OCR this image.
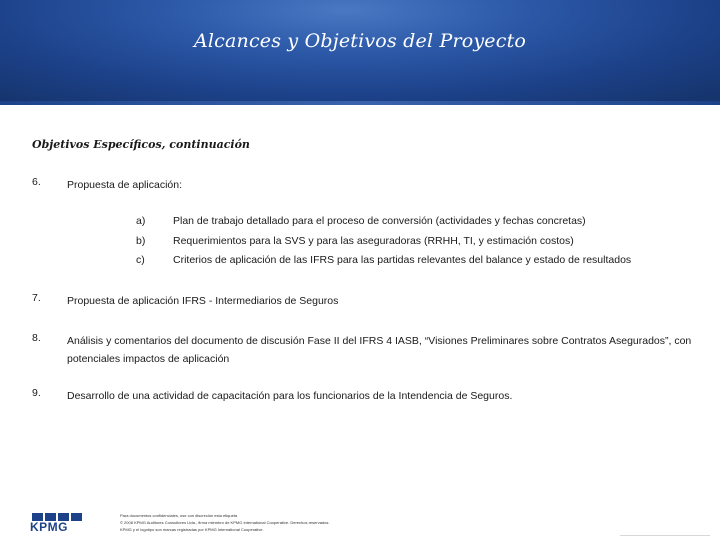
Alcances y Objetivos del Proyecto
Objetivos Específicos, continuación
6. Propuesta de aplicación:
a)	Plan de trabajo detallado para el proceso de conversión (actividades y fechas concretas)
b)	Requerimientos para la SVS y para las aseguradoras (RRHH, TI, y estimación costos)
c)	Criterios de aplicación de las IFRS para las partidas relevantes del balance y estado de resultados
7. Propuesta de aplicación IFRS - Intermediarios de Seguros
8. Análisis y comentarios del documento de discusión Fase II del IFRS 4 IASB, “Visiones Preliminares sobre Contratos Asegurados”, con potenciales impactos de aplicación
9. Desarrollo de una actividad de capacitación para los funcionarios de la Intendencia de Seguros.
KPMG
Para documentos confidenciales, use con discreción esta etiqueta
© 2008 KPMG Auditores Consultores Ltda., firma miembro de KPMG International Cooperative. Derechos reservados.
KPMG y el logotipo son marcas registradas por KPMG International Cooperative.
